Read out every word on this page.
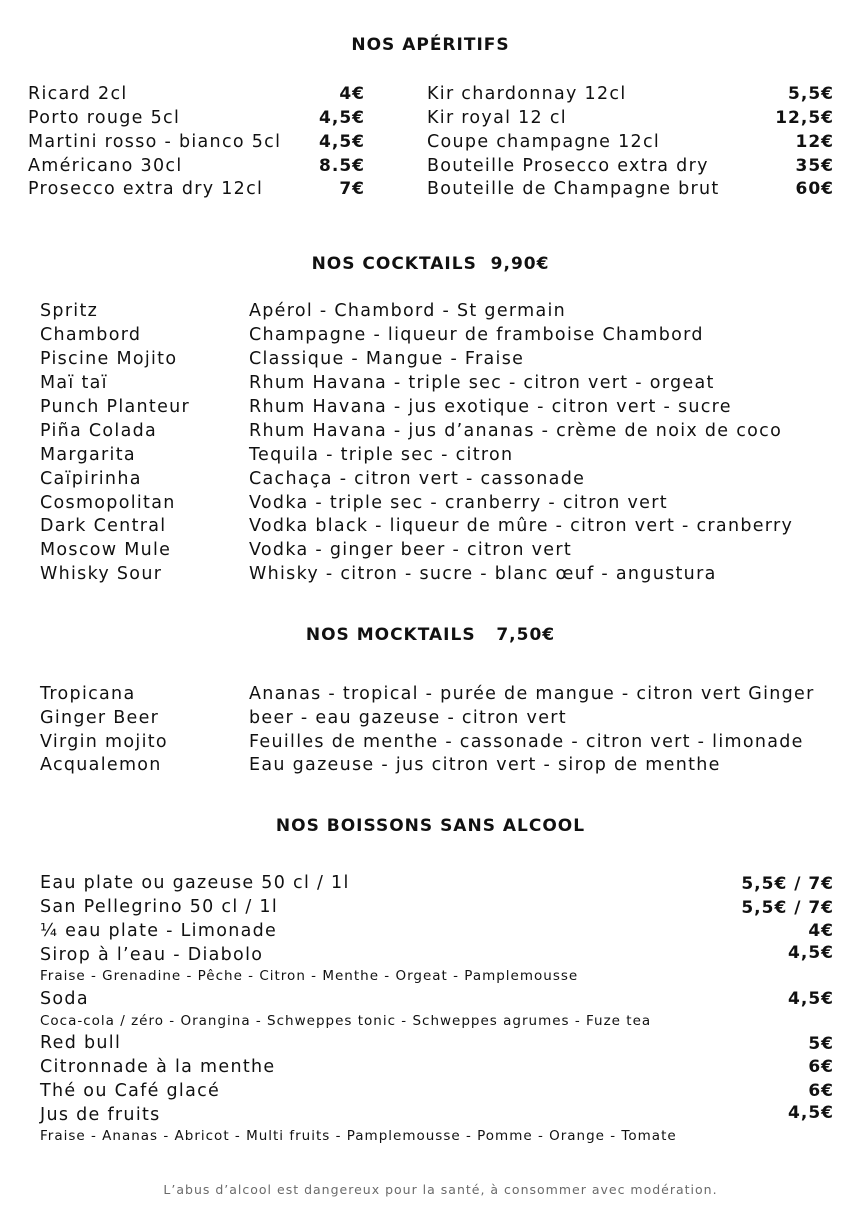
NOS APÉRITIFS
Ricard 2cl	4€
Porto rouge 5cl	4,5€
Martini rosso - bianco 5cl 4,5€
Américano 30cl	8.5€
Prosecco extra dry 12cl	7€
Kir chardonnay 12cl	5,5€
Kir royal 12 cl	12,5€
Coupe champagne 12cl	12€
Bouteille Prosecco extra dry	35€
Bouteille de Champagne brut	60€
NOS COCKTAILS  9,90€
Spritz	Apérol - Chambord - St germain
Chambord	Champagne - liqueur de framboise Chambord
Piscine Mojito	Classique - Mangue - Fraise
Maï taï	Rhum Havana - triple sec - citron vert - orgeat
Punch Planteur	Rhum Havana - jus exotique - citron vert - sucre
Piña Colada	Rhum Havana - jus d’ananas - crème de noix de coco
Margarita	Tequila - triple sec - citron
Caïpirinha	Cachaça - citron vert - cassonade
Cosmopolitan	Vodka - triple sec - cranberry - citron vert
Dark Central	Vodka black - liqueur de mûre - citron vert - cranberry
Moscow Mule	Vodka - ginger beer - citron vert
Whisky Sour	Whisky - citron - sucre - blanc œuf - angustura
NOS MOCKTAILS   7,50€
Tropicana	Ananas - tropical - purée de mangue - citron vert Ginger
Ginger Beer	beer - eau gazeuse - citron vert
Virgin mojito	Feuilles de menthe - cassonade - citron vert - limonade
Acqualemon	Eau gazeuse - jus citron vert - sirop de menthe
NOS BOISSONS SANS ALCOOL
Eau plate ou gazeuse 50 cl / 1l	5,5€ / 7€
San Pellegrino 50 cl / 1l	5,5€ / 7€
¼ eau plate - Limonade	4€
Sirop à l’eau - Diabolo	4,5€
Fraise - Grenadine - Pêche - Citron - Menthe - Orgeat - Pamplemousse
Soda	4,5€
Coca-cola / zéro - Orangina - Schweppes tonic - Schweppes agrumes - Fuze tea
Red bull	5€
Citronnade à la menthe	6€
Thé ou Café glacé	6€
Jus de fruits	4,5€
Fraise - Ananas - Abricot - Multi fruits - Pamplemousse - Pomme - Orange - Tomate
L’abus d’alcool est dangereux pour la santé, à consommer avec modération.
